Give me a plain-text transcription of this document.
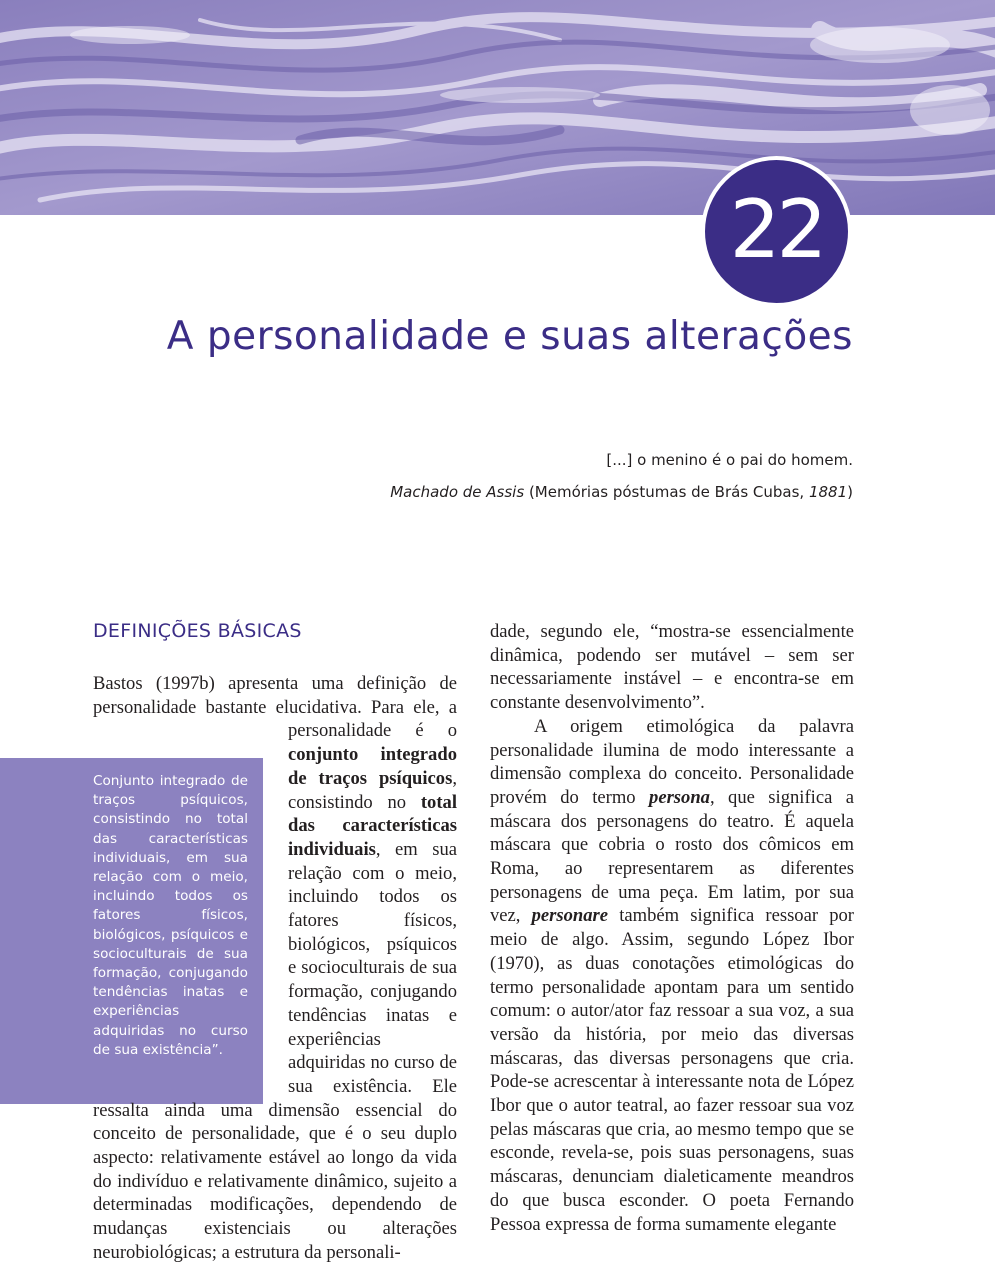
22
A personalidade e suas alterações
[...] o menino é o pai do homem.
Machado de Assis (Memórias póstumas de Brás Cubas, 1881)
DEFINIÇÕES BÁSICAS

Conjunto integrado de traços psíquicos, consistindo no total das características individuais, em sua relação com o meio, incluindo todos os fatores físicos, biológicos, psíquicos e socioculturais de sua formação, conjugando tendências inatas e experiências adquiridas no curso de sua existência”.

Bastos (1997b) apresenta uma definição de personalidade bastante elucidativa. Para ele, a personalidade é o
conjunto integrado de traços psíquicos, consistindo no total das características individuais, em sua relação com o meio, incluindo todos os fatores físicos, biológicos, psíquicos e socioculturais de sua formação, conjugando tendências inatas e experiências adquiridas no curso de sua existência. Ele ressalta ainda uma dimensão essencial do conceito de personalidade, que é o seu duplo aspecto: relativamente estável ao longo da vida do indivíduo e relativamente dinâmico, sujeito a determinadas modificações, dependendo de mudanças existenciais ou alterações neurobiológicas; a estrutura da personali-

dade, segundo ele, “mostra-se essencialmente dinâmica, podendo ser mutável – sem ser necessariamente instável – e encontra-se em constante desenvolvimento”.

A origem etimológica da palavra personalidade ilumina de modo interessante a dimensão complexa do conceito. Personalidade provém do termo persona, que significa a máscara dos personagens do teatro. É aquela máscara que cobria o rosto dos cômicos em Roma, ao representarem as diferentes personagens de uma peça. Em latim, por sua vez, personare também significa ressoar por meio de algo. Assim, segundo López Ibor (1970), as duas conotações etimológicas do termo personalidade apontam para um sentido comum: o autor/ator faz ressoar a sua voz, a sua versão da história, por meio das diversas máscaras, das diversas personagens que cria. Pode-se acrescentar à interessante nota de López Ibor que o autor teatral, ao fazer ressoar sua voz pelas máscaras que cria, ao mesmo tempo que se esconde, revela-se, pois suas personagens, suas máscaras, denunciam dialeticamente meandros do que busca esconder. O poeta Fernando Pessoa expressa de forma sumamente elegante
